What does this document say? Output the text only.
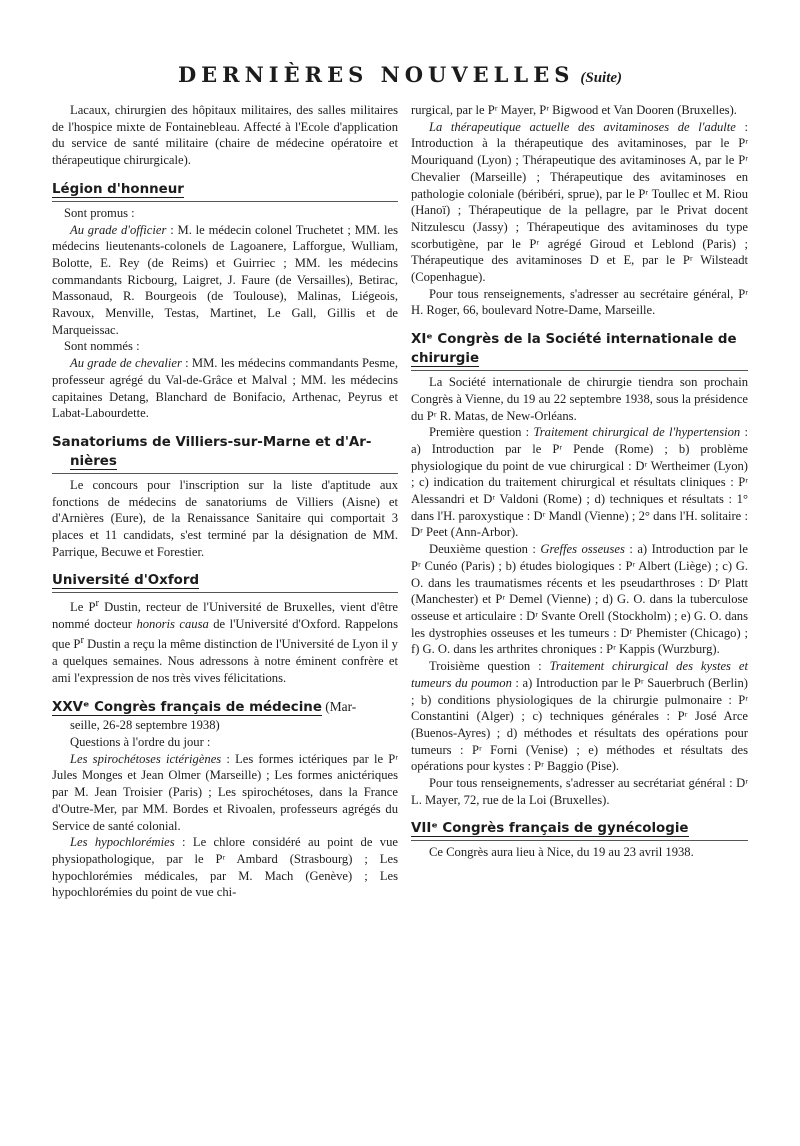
DERNIÈRES NOUVELLES (Suite)

Lacaux, chirurgien des hôpitaux militaires, des salles militaires de l'hospice mixte de Fontainebleau. Affecté à l'Ecole d'application du service de santé militaire (chaire de médecine opératoire et thérapeutique chirurgicale).

Légion d'honneur

Sont promus :

Au grade d'officier : M. le médecin colonel Truchetet ; MM. les médecins lieutenants-colonels de Lagoanere, Lafforgue, Wulliam, Bolotte, E. Rey (de Reims) et Guirriec ; MM. les médecins commandants Ricbourg, Laigret, J. Faure (de Versailles), Betirac, Massonaud, R. Bourgeois (de Toulouse), Malinas, Liégeois, Ravoux, Menville, Testas, Martinet, Le Gall, Gillis et de Marqueissac.

Sont nommés :

Au grade de chevalier : MM. les médecins commandants Pesme, professeur agrégé du Val-de-Grâce et Malval ; MM. les médecins capitaines Detang, Blanchard de Bonifacio, Arthenac, Peyrus et Labat-Labourdette.

Sanatoriums de Villiers-sur-Marne et d'Ar-
nières

Le concours pour l'inscription sur la liste d'aptitude aux fonctions de médecins de sanatoriums de Villiers (Aisne) et d'Arnières (Eure), de la Renaissance Sanitaire qui comportait 3 places et 11 candidats, s'est terminé par la désignation de MM. Parrique, Becuwe et Forestier.

Université d'Oxford

Le $P^r$ Dustin, recteur de l'Université de Bruxelles, vient d'être nommé docteur honoris causa de l'Université d'Oxford. Rappelons que $P^r$ Dustin a reçu la même distinction de l'Université de Lyon il y a quelques semaines. Nous adressons à notre éminent confrère et ami l'expression de nos très vives félicitations.

XXVᵉ Congrès français de médecine (Mar-

seille, 26-28 septembre 1938)

Questions à l'ordre du jour :

Les spirochétoses ictérigènes : Les formes ictériques par le Pʳ Jules Monges et Jean Olmer (Marseille) ; Les formes anictériques par M. Jean Troisier (Paris) ; Les spirochétoses, dans la France d'Outre-Mer, par MM. Bordes et Rivoalen, professeurs agrégés du Service de santé colonial.

Les hypochlorémies : Le chlore considéré au point de vue physiopathologique, par le Pʳ Ambard (Strasbourg) ; Les hypochlorémies médicales, par M. Mach (Genève) ; Les hypochlorémies du point de vue chi-

rurgical, par le Pʳ Mayer, Pʳ Bigwood et Van Dooren (Bruxelles).

La thérapeutique actuelle des avitaminoses de l'adulte : Introduction à la thérapeutique des avitaminoses, par le Pʳ Mouriquand (Lyon) ; Thérapeutique des avitaminoses A, par le Pʳ Chevalier (Marseille) ; Thérapeutique des avitaminoses en pathologie coloniale (béribéri, sprue), par le Pʳ Toullec et M. Riou (Hanoï) ; Thérapeutique de la pellagre, par le Privat docent Nitzulescu (Jassy) ; Thérapeutique des avitaminoses du type scorbutigène, par le Pʳ agrégé Giroud et Leblond (Paris) ; Thérapeutique des avitaminoses D et E, par le Pʳ Wilsteadt (Copenhague).

Pour tous renseignements, s'adresser au secrétaire général, Pʳ H. Roger, 66, boulevard Notre-Dame, Marseille.

XIᵉ Congrès de la Société internationale de
chirurgie

La Société internationale de chirurgie tiendra son prochain Congrès à Vienne, du 19 au 22 septembre 1938, sous la présidence du Pʳ R. Matas, de New-Orléans.

Première question : Traitement chirurgical de l'hypertension : a) Introduction par le Pʳ Pende (Rome) ; b) problème physiologique du point de vue chirurgical : Dʳ Wertheimer (Lyon) ; c) indication du traitement chirurgical et résultats cliniques : Pʳ Alessandri et Dʳ Valdoni (Rome) ; d) techniques et résultats : 1° dans l'H. paroxystique : Dʳ Mandl (Vienne) ; 2° dans l'H. solitaire : Dʳ Peet (Ann-Arbor).

Deuxième question : Greffes osseuses : a) Introduction par le Pʳ Cunéo (Paris) ; b) études biologiques : Pʳ Albert (Liège) ; c) G. O. dans les traumatismes récents et les pseudarthroses : Dʳ Platt (Manchester) et Pʳ Demel (Vienne) ; d) G. O. dans la tuberculose osseuse et articulaire : Dʳ Svante Orell (Stockholm) ; e) G. O. dans les dystrophies osseuses et les tumeurs : Dʳ Phemister (Chicago) ; f) G. O. dans les arthrites chroniques : Pʳ Kappis (Wurzburg).

Troisième question : Traitement chirurgical des kystes et tumeurs du poumon : a) Introduction par le Pʳ Sauerbruch (Berlin) ; b) conditions physiologiques de la chirurgie pulmonaire : Pʳ Constantini (Alger) ; c) techniques générales : Pʳ José Arce (Buenos-Ayres) ; d) méthodes et résultats des opérations pour tumeurs : Pʳ Forni (Venise) ; e) méthodes et résultats des opérations pour kystes : Pʳ Baggio (Pise).

Pour tous renseignements, s'adresser au secrétariat général : Dʳ L. Mayer, 72, rue de la Loi (Bruxelles).

VIIᵉ Congrès français de gynécologie

Ce Congrès aura lieu à Nice, du 19 au 23 avril 1938.
